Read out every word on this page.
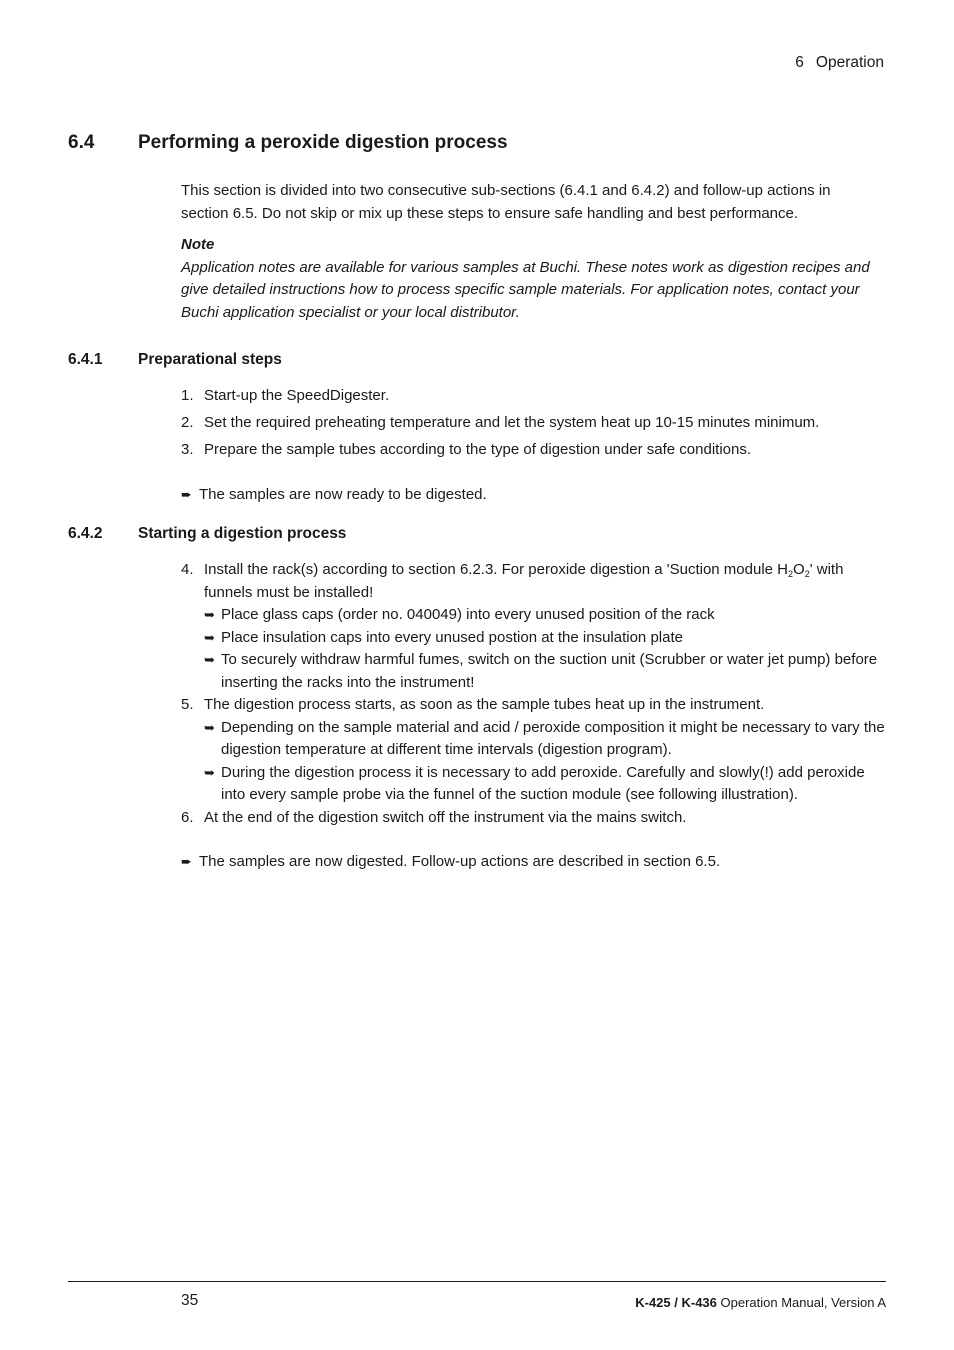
6 Operation
6.4 Performing a peroxide digestion process
This section is divided into two consecutive sub-sections (6.4.1 and 6.4.2) and follow-up actions in section 6.5. Do not skip or mix up these steps to ensure safe handling and best performance.
Note
Application notes are available for various samples at Buchi. These notes work as digestion recipes and give detailed instructions how to process specific sample materials. For application notes, contact your Buchi application specialist or your local distributor.
6.4.1 Preparational steps
1. Start-up the SpeedDigester.
2. Set the required preheating temperature and let the system heat up 10-15 minutes minimum.
3. Prepare the sample tubes according to the type of digestion under safe conditions.
➨ The samples are now ready to be digested.
6.4.2 Starting a digestion process
4. Install the rack(s) according to section 6.2.3. For peroxide digestion a 'Suction module $H_2O_2'$ with funnels must be installed!
➥ Place glass caps (order no. 040049) into every unused position of the rack
➥ Place insulation caps into every unused postion at the insulation plate
➥ To securely withdraw harmful fumes, switch on the suction unit (Scrubber or water jet pump) before inserting the racks into the instrument!
5. The digestion process starts, as soon as the sample tubes heat up in the instrument.
➥ Depending on the sample material and acid / peroxide composition it might be necessary to vary the digestion temperature at different time intervals (digestion program).
➥ During the digestion process it is necessary to add peroxide. Carefully and slowly(!) add peroxide into every sample probe via the funnel of the suction module (see following illustration).
6. At the end of the digestion switch off the instrument via the mains switch.
➨ The samples are now digested. Follow-up actions are described in section 6.5.
35	K-425 / K-436 Operation Manual, Version A
